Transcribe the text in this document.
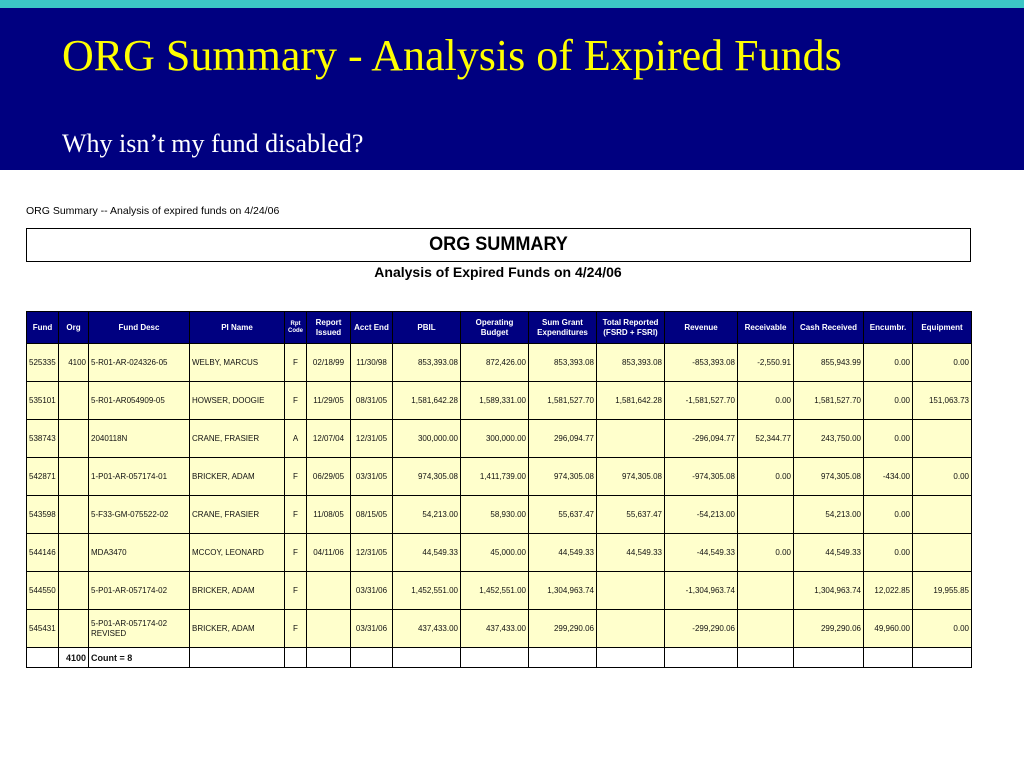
ORG Summary - Analysis of Expired Funds
Why isn’t my fund disabled?
ORG Summary -- Analysis of expired funds on 4/24/06
ORG SUMMARY
Analysis of Expired Funds on 4/24/06
Fund	Org	Fund Desc	PI Name	Rpt Code	Report Issued	Acct End	PBIL	Operating Budget	Sum Grant Expenditures	Total Reported (FSRD + FSRI)	Revenue	Receivable	Cash Received	Encumbr.	Equipment
525335	4100	5-R01-AR-024326-05	WELBY, MARCUS	F	02/18/99	11/30/98	853,393.08	872,426.00	853,393.08	853,393.08	-853,393.08	-2,550.91	855,943.99	0.00	0.00
535101		5-R01-AR054909-05	HOWSER, DOOGIE	F	11/29/05	08/31/05	1,581,642.28	1,589,331.00	1,581,527.70	1,581,642.28	-1,581,527.70	0.00	1,581,527.70	0.00	151,063.73
538743		2040118N	CRANE, FRASIER	A	12/07/04	12/31/05	300,000.00	300,000.00	296,094.77		-296,094.77	52,344.77	243,750.00	0.00	
542871		1-P01-AR-057174-01	BRICKER, ADAM	F	06/29/05	03/31/05	974,305.08	1,411,739.00	974,305.08	974,305.08	-974,305.08	0.00	974,305.08	-434.00	0.00
543598		5-F33-GM-075522-02	CRANE, FRASIER	F	11/08/05	08/15/05	54,213.00	58,930.00	55,637.47	55,637.47	-54,213.00		54,213.00	0.00	
544146		MDA3470	MCCOY, LEONARD	F	04/11/06	12/31/05	44,549.33	45,000.00	44,549.33	44,549.33	-44,549.33	0.00	44,549.33	0.00	
544550		5-P01-AR-057174-02	BRICKER, ADAM	F		03/31/06	1,452,551.00	1,452,551.00	1,304,963.74		-1,304,963.74		1,304,963.74	12,022.85	19,955.85
545431		5-P01-AR-057174-02 REVISED	BRICKER, ADAM	F		03/31/06	437,433.00	437,433.00	299,290.06		-299,290.06		299,290.06	49,960.00	0.00
	4100	Count = 8													
